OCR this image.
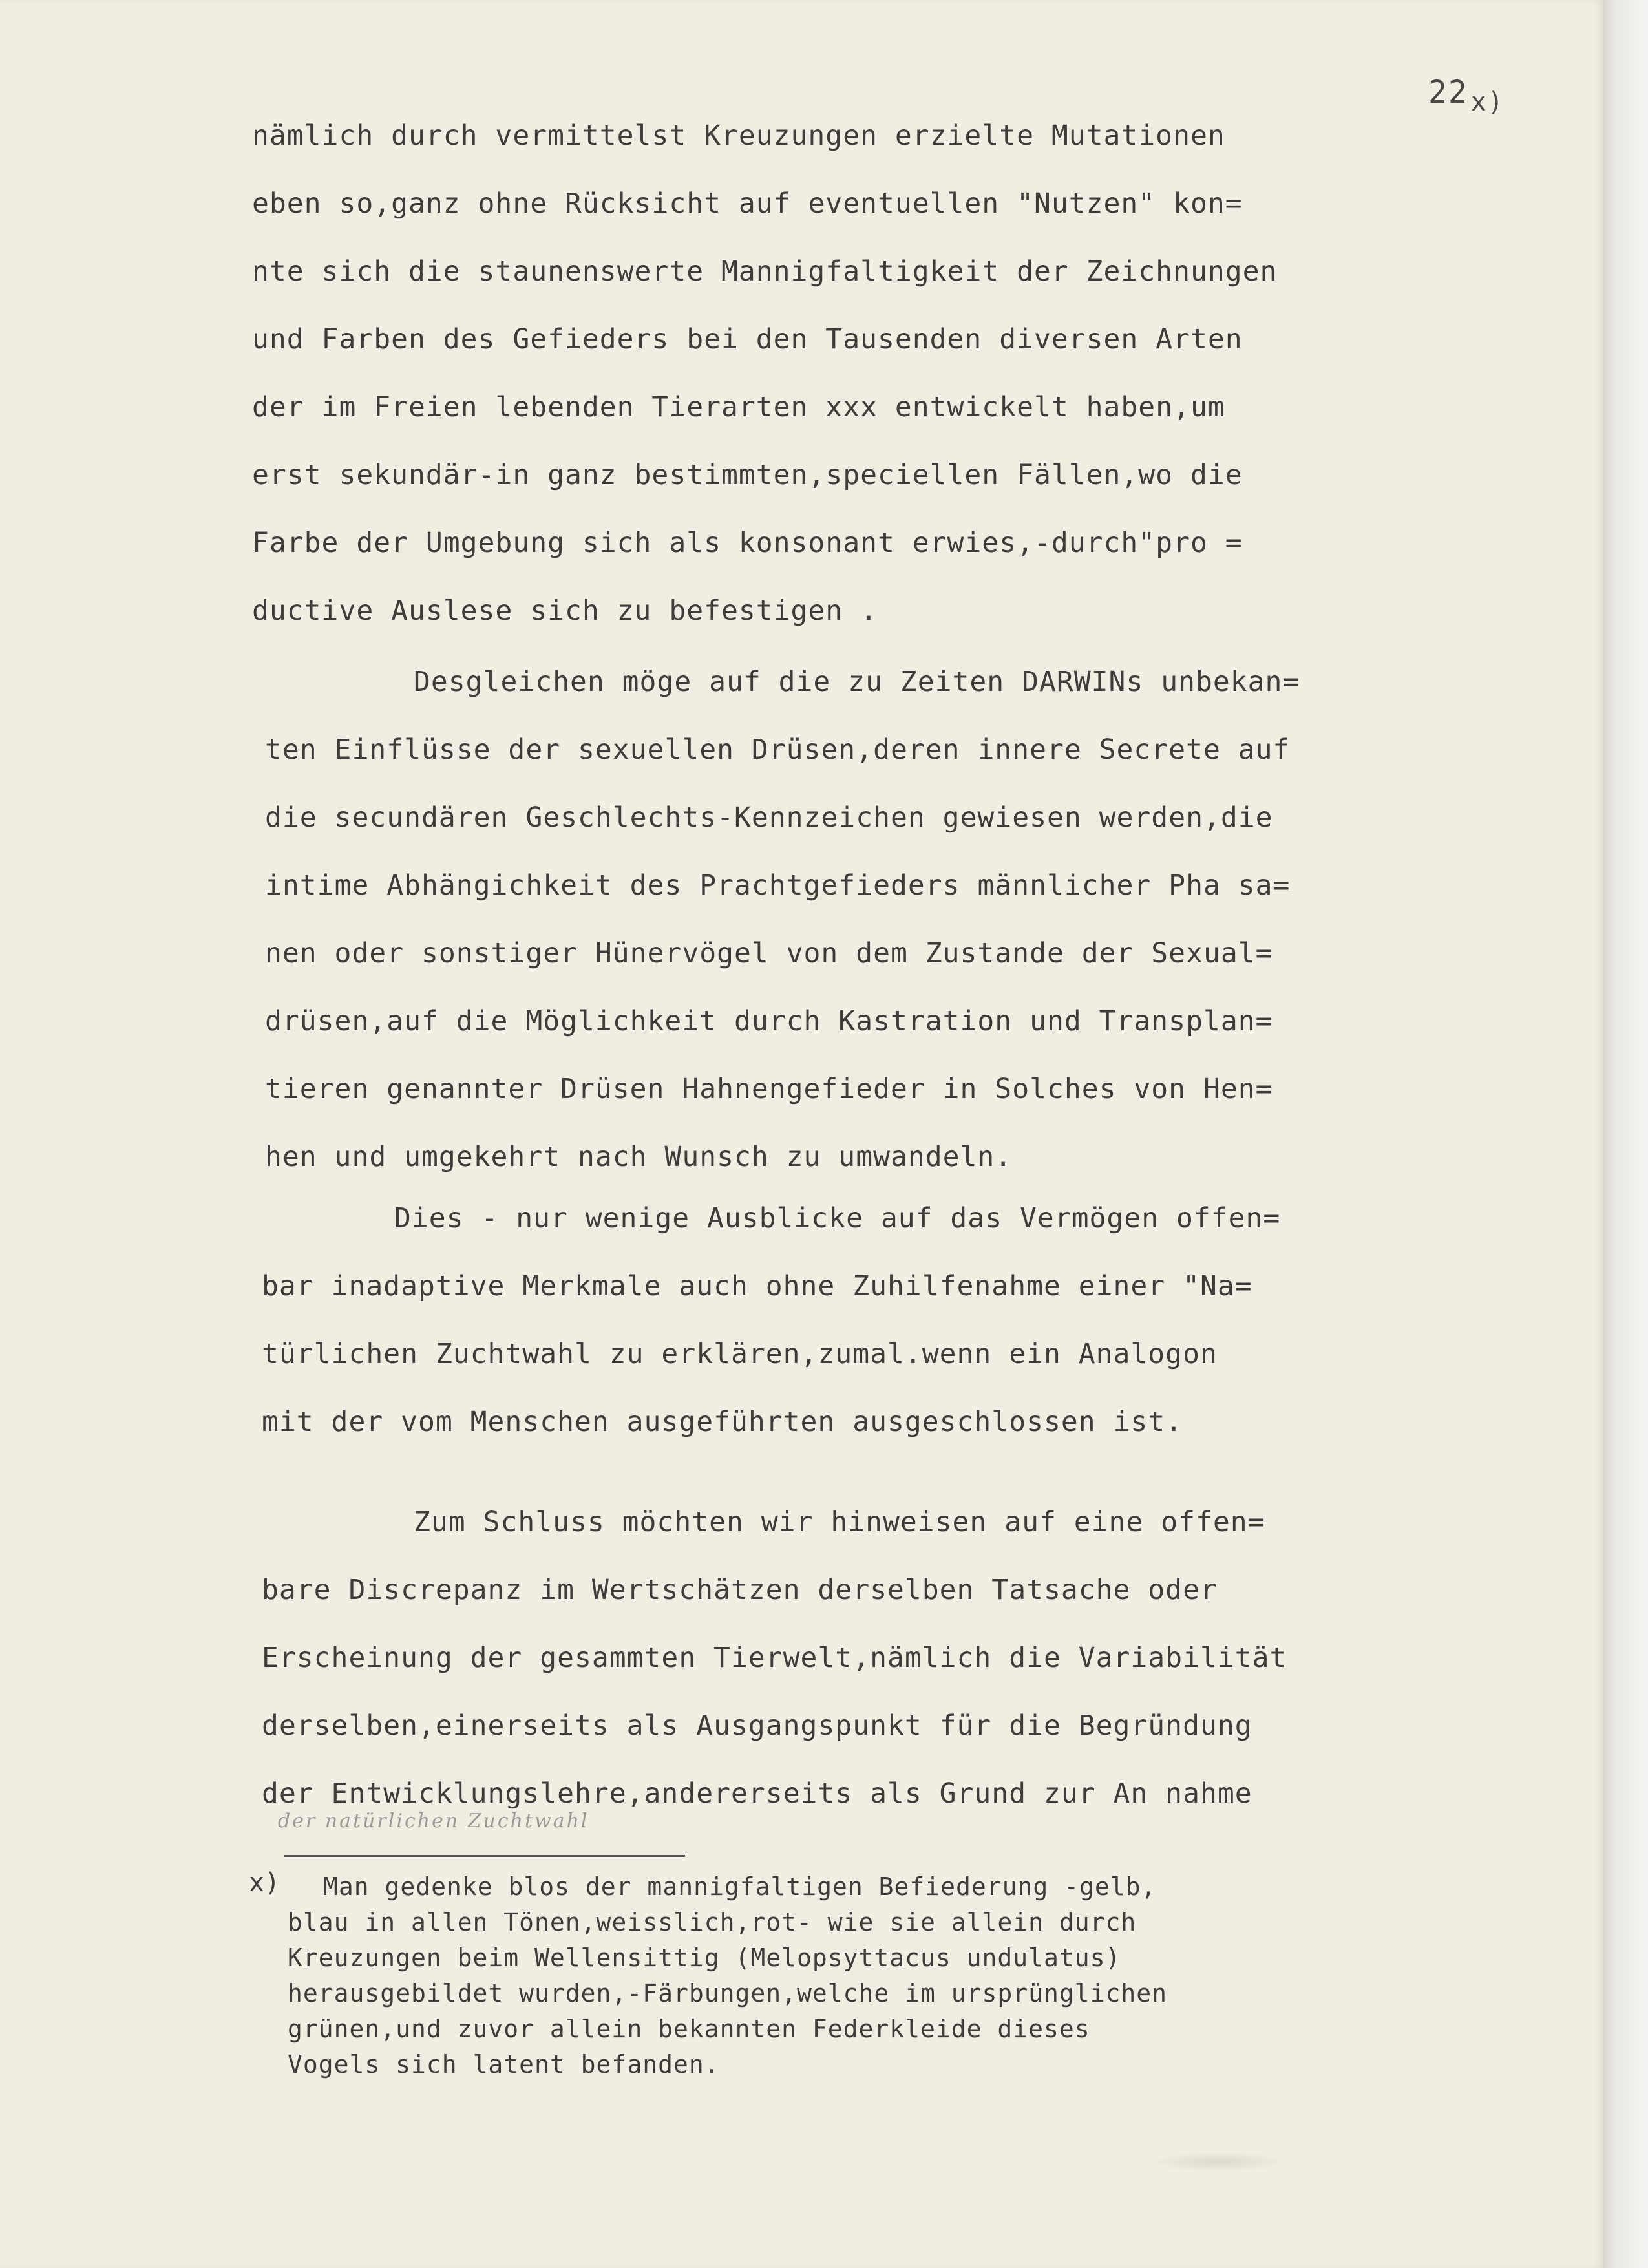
22 $_{x)}$
nämlich durch vermittelst Kreuzungen erzielte Mutationen
eben so,ganz ohne Rücksicht auf eventuellen "Nutzen" kon=
nte sich die staunenswerte Mannigfaltigkeit der Zeichnungen
und Farben des Gefieders bei den Tausenden diversen Arten
der im Freien lebenden Tierarten xxx entwickelt haben,um
erst sekundär-in ganz bestimmten,speciellen Fällen,wo die
Farbe der Umgebung sich als konsonant erwies,-durch"pro =
ductive Auslese sich zu befestigen .
Desgleichen möge auf die zu Zeiten DARWINs unbekan=
ten Einflüsse der sexuellen Drüsen,deren innere Secrete auf
die secundären Geschlechts-Kennzeichen gewiesen werden,die
intime Abhängichkeit des Prachtgefieders männlicher Pha sa=
nen oder sonstiger Hünervögel von dem Zustande der Sexual=
drüsen,auf die Möglichkeit durch Kastration und Transplan=
tieren genannter Drüsen Hahnengefieder in Solches von Hen=
hen und umgekehrt nach Wunsch zu umwandeln.
Dies - nur wenige Ausblicke auf das Vermögen offen=
bar inadaptive Merkmale auch ohne Zuhilfenahme einer "Na=
türlichen Zuchtwahl zu erklären,zumal.wenn ein Analogon
mit der vom Menschen ausgeführten ausgeschlossen ist.
Zum Schluss möchten wir hinweisen auf eine offen=
bare Discrepanz im Wertschätzen derselben Tatsache oder
Erscheinung der gesammten Tierwelt,nämlich die Variabilität
derselben,einerseits als Ausgangspunkt für die Begründung
der Entwicklungslehre,andererseits als Grund zur An nahme
der natürlichen Zuchtwahl
x) Man gedenke blos der mannigfaltigen Befiederung -gelb,
blau in allen Tönen,weisslich,rot- wie sie allein durch
Kreuzungen beim Wellensittig (Melopsyttacus undulatus)
herausgebildet wurden,-Färbungen,welche im ursprünglichen
grünen,und zuvor allein bekannten Federkleide dieses
Vogels sich latent befanden.
